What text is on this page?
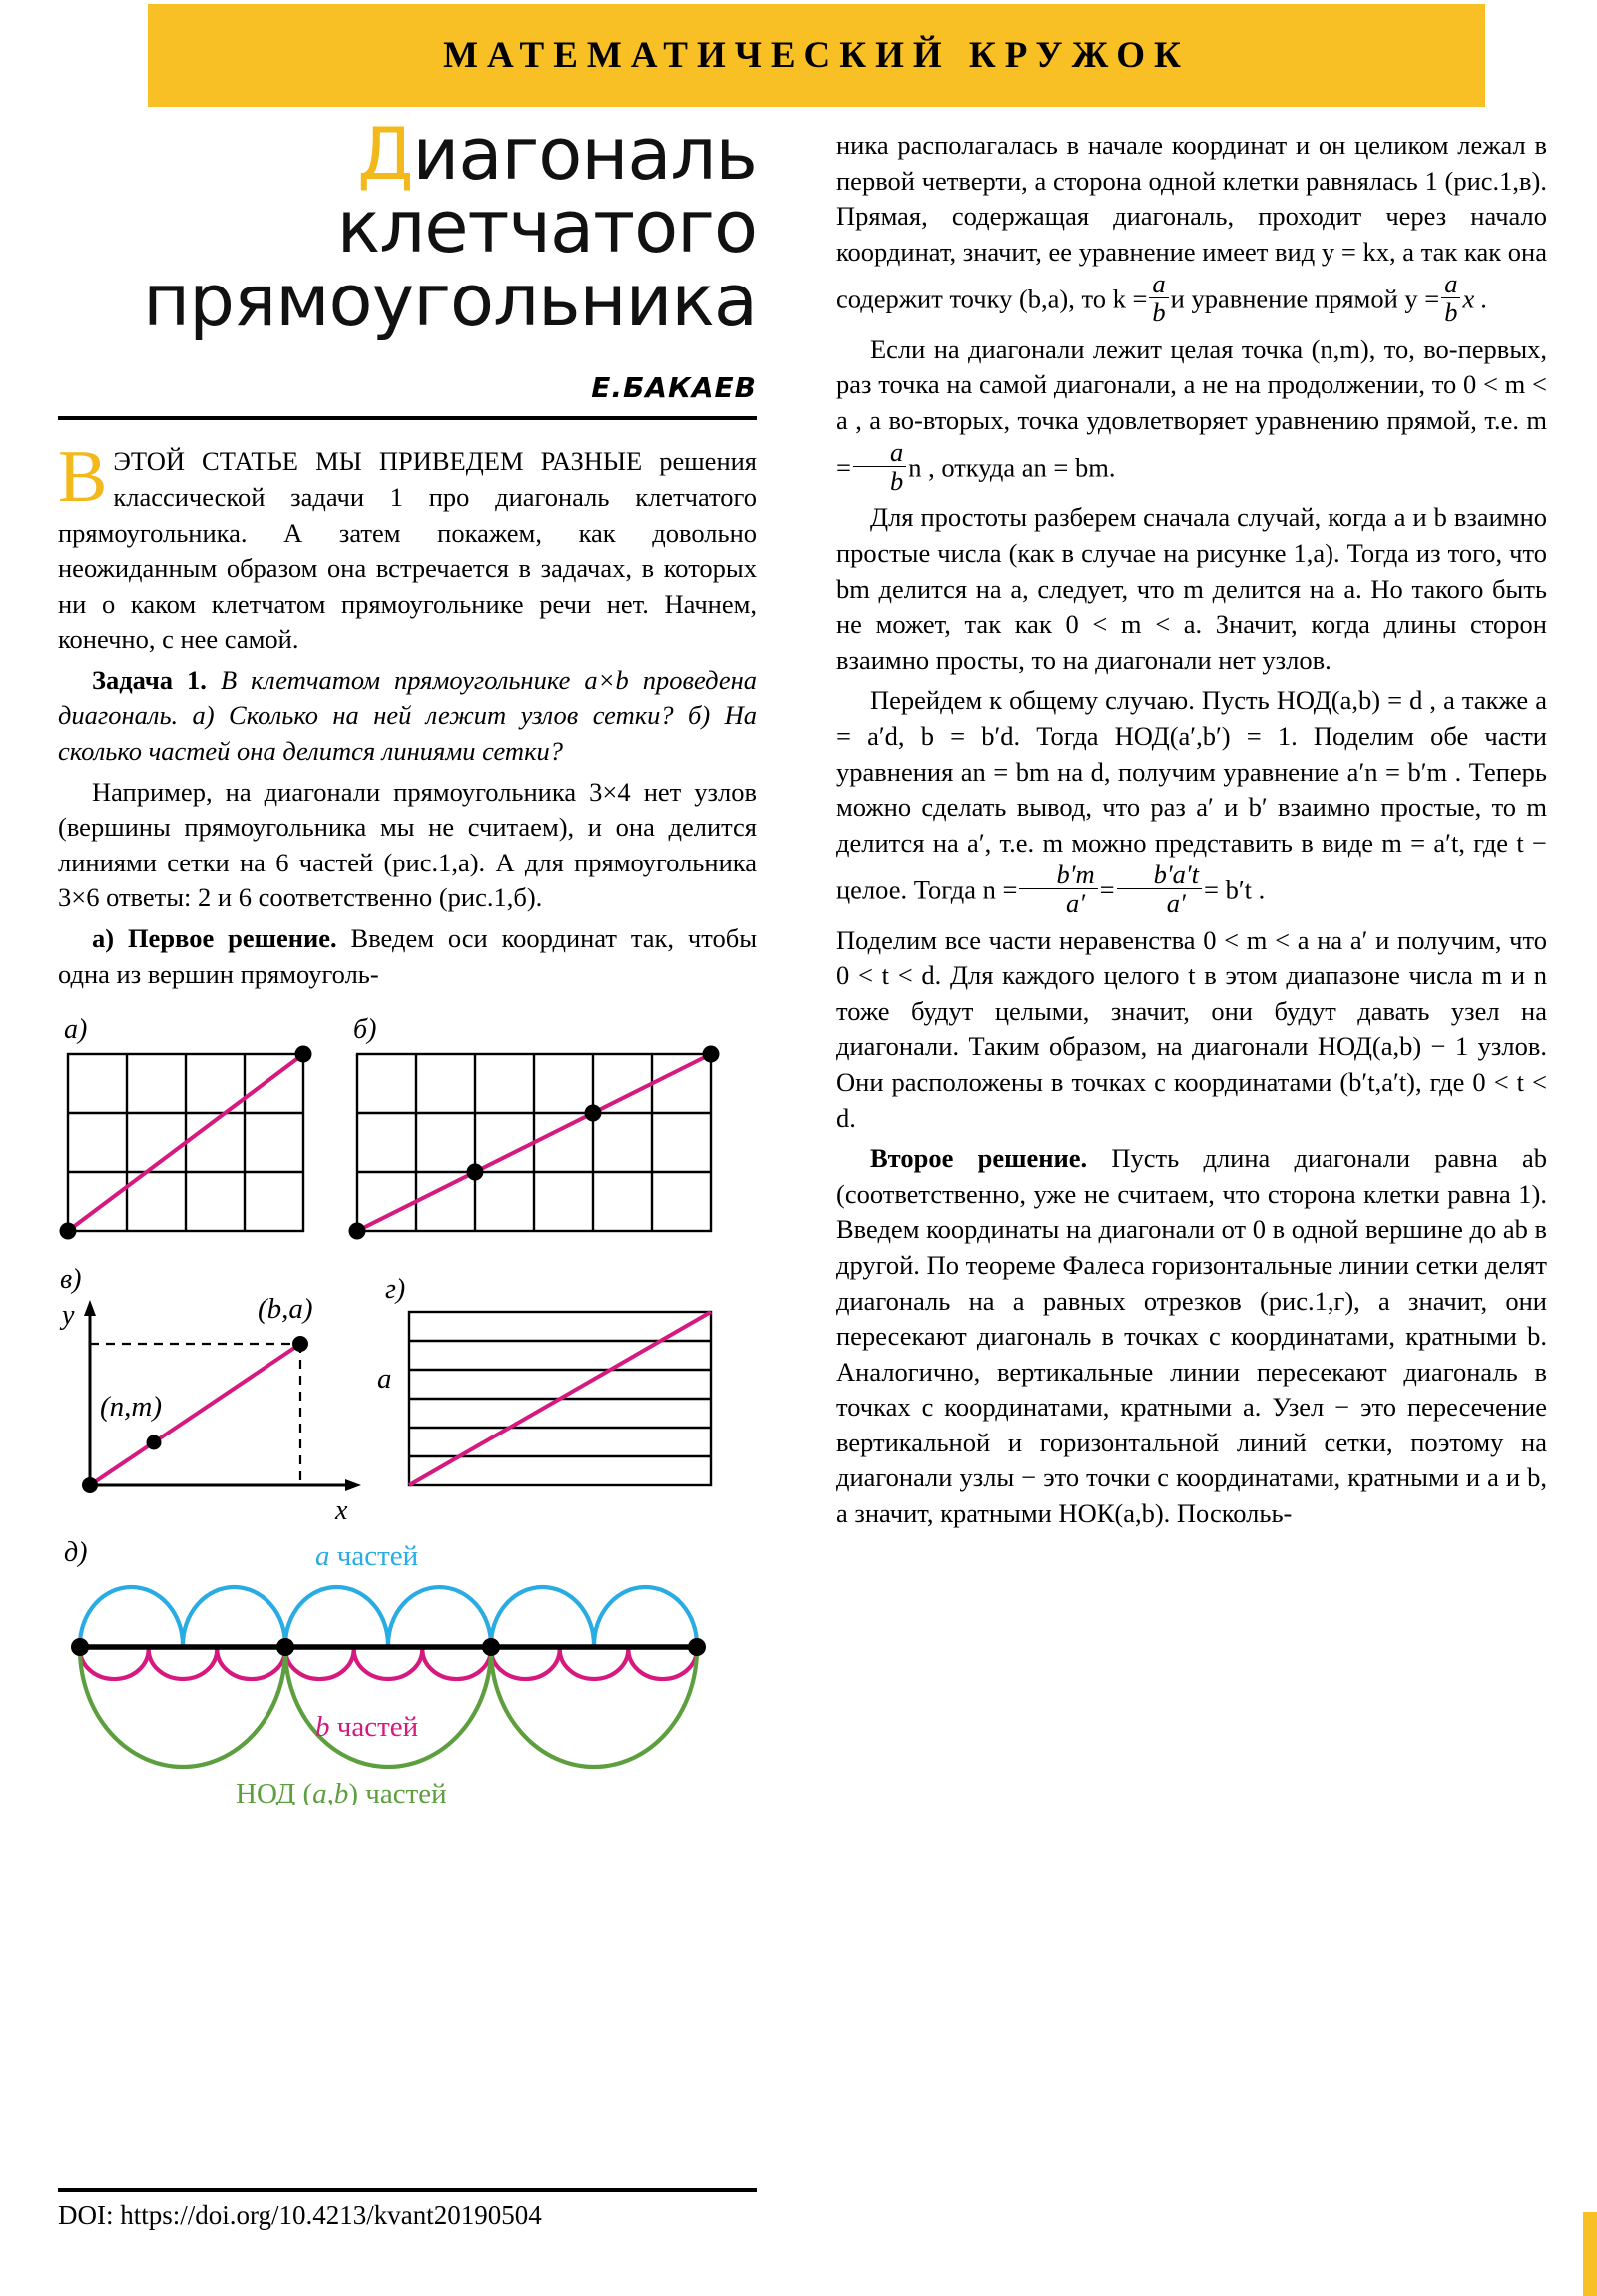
МАТЕМАТИЧЕСКИЙ КРУЖОК
Диагональ
клетчатого
прямоугольника
Е.БАКАЕВ

ВЭТОЙ СТАТЬЕ МЫ ПРИВЕДЕМ РАЗНЫЕ решения классической задачи 1 про диагональ клетчатого прямоугольника. А затем покажем, как довольно неожиданным образом она встречается в задачах, в которых ни о каком клетчатом прямоугольнике речи нет. Начнем, конечно, с нее самой.

Задача 1. В клетчатом прямоугольнике a×b проведена диагональ. а) Сколько на ней лежит узлов сетки? б) На сколько частей она делится линиями сетки?

Например, на диагонали прямоугольника 3×4 нет узлов (вершины прямоугольника мы не считаем), и она делится линиями сетки на 6 частей (рис.1,а). А для прямоугольника 3×6 ответы: 2 и 6 соответственно (рис.1,б).

а) Первое решение. Введем оси координат так, чтобы одна из вершин прямоуголь-

а)	б)
в)
y
x
(b,a)
(n,m)
г)
a
д)	a частей
b частей
НОД (a,b) частей

ника располагалась в начале координат и он целиком лежал в первой четверти, а сторона одной клетки равнялась 1 (рис.1,в). Прямая, содержащая диагональ, проходит через начало координат, значит, ее уравнение имеет вид y = kx, а так как она содержит точку (b,a), то $k = \frac{a}{b}$ и уравнение прямой $y = \frac{a}{b}$ x .

Если на диагонали лежит целая точка (n,m), то, во-первых, раз точка на самой диагонали, а не на продолжении, то 0 < m < a , а во-вторых, точка удовлетворяет уравнению прямой, т.е. $m = \frac{a}{b}$ n , откуда an = bm.

Для простоты разберем сначала случай, когда a и b взаимно простые числа (как в случае на рисунке 1,а). Тогда из того, что bm делится на a, следует, что m делится на a. Но такого быть не может, так как 0 < m < a. Значит, когда длины сторон взаимно просты, то на диагонали нет узлов.

Перейдем к общему случаю. Пусть НОД(a,b) = d , а также a = a′d, b = b′d. Тогда НОД(a′,b′) = 1. Поделим обе части уравнения an = bm на d, получим уравнение a′n = b′m . Теперь можно сделать вывод, что раз a′ и b′ взаимно простые, то m делится на a′, т.е. m можно представить в виде m = a′t, где t − целое. Тогда $n = \frac{b'm}{a'} = \frac{b'a't}{a'} = b't$ .

Поделим все части неравенства 0 < m < a на a′ и получим, что 0 < t < d. Для каждого целого t в этом диапазоне числа m и n тоже будут целыми, значит, они будут давать узел на диагонали. Таким образом, на диагонали НОД(a,b) − 1 узлов. Они расположены в точках с координатами (b′t,a′t), где 0 < t < d.

Второе решение. Пусть длина диагонали равна ab (соответственно, уже не считаем, что сторона клетки равна 1). Введем координаты на диагонали от 0 в одной вершине до ab в другой. По теореме Фалеса горизонтальные линии сетки делят диагональ на a равных отрезков (рис.1,г), а значит, они пересекают диагональ в точках с координатами, кратными b. Аналогично, вертикальные линии пересекают диагональ в точках с координатами, кратными a. Узел − это пересечение вертикальной и горизонтальной линий сетки, поэтому на диагонали узлы − это точки с координатами, кратными и a и b, а значит, кратными НОК(a,b). Поскольь-

DOI: https://doi.org/10.4213/kvant20190504
